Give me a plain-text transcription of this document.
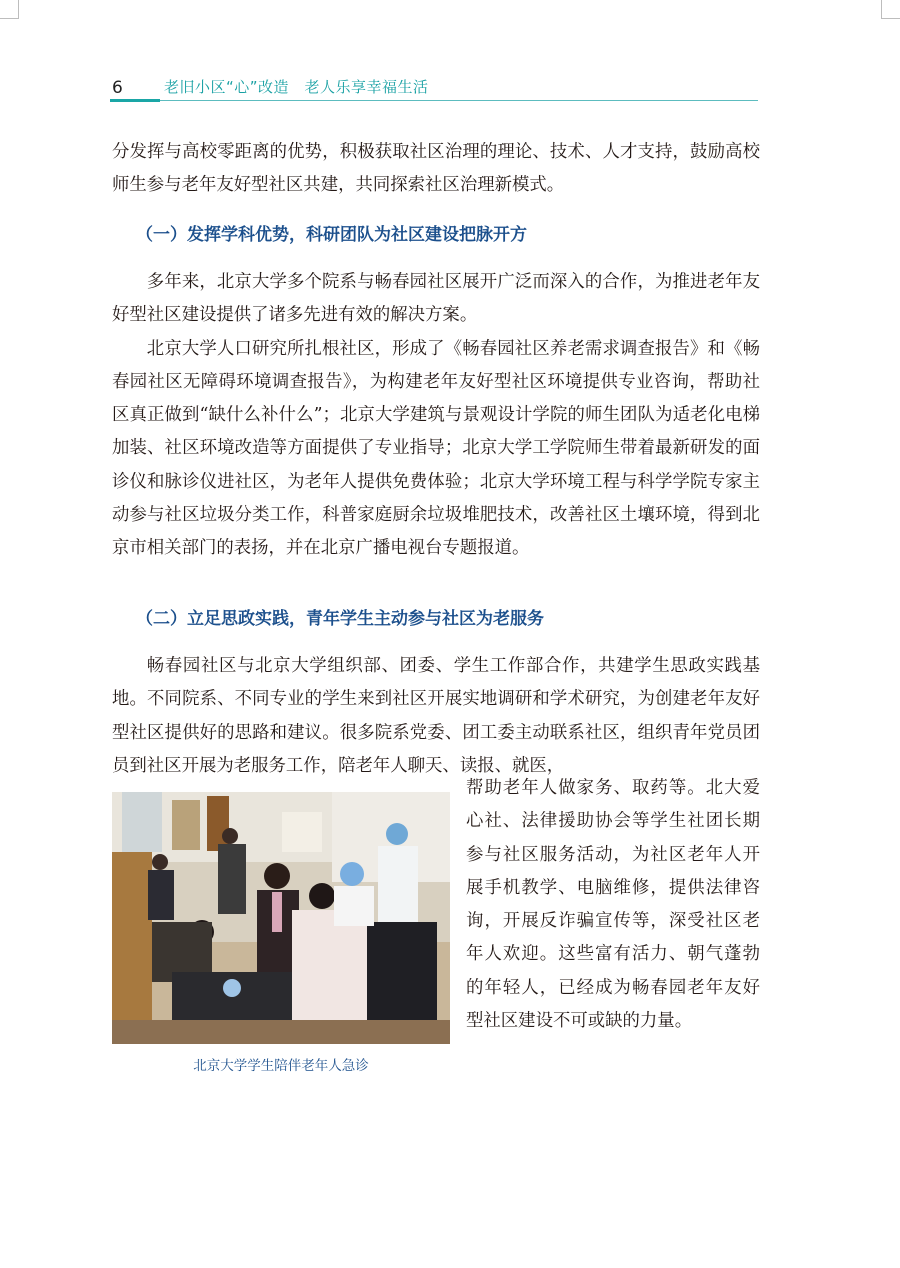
6	老旧小区“心”改造　老人乐享幸福生活

分发挥与高校零距离的优势，积极获取社区治理的理论、技术、人才支持，鼓励高校师生参与老年友好型社区共建，共同探索社区治理新模式。

（一）发挥学科优势，科研团队为社区建设把脉开方

多年来，北京大学多个院系与畅春园社区展开广泛而深入的合作，为推进老年友好型社区建设提供了诸多先进有效的解决方案。

北京大学人口研究所扎根社区，形成了《畅春园社区养老需求调查报告》和《畅春园社区无障碍环境调查报告》，为构建老年友好型社区环境提供专业咨询，帮助社区真正做到“缺什么补什么”；北京大学建筑与景观设计学院的师生团队为适老化电梯加装、社区环境改造等方面提供了专业指导；北京大学工学院师生带着最新研发的面诊仪和脉诊仪进社区，为老年人提供免费体验；北京大学环境工程与科学学院专家主动参与社区垃圾分类工作，科普家庭厨余垃圾堆肥技术，改善社区土壤环境，得到北京市相关部门的表扬，并在北京广播电视台专题报道。

（二）立足思政实践，青年学生主动参与社区为老服务

畅春园社区与北京大学组织部、团委、学生工作部合作，共建学生思政实践基地。不同院系、不同专业的学生来到社区开展实地调研和学术研究，为创建老年友好型社区提供好的思路和建议。很多院系党委、团工委主动联系社区，组织青年党员团员到社区开展为老服务工作，陪老年人聊天、读报、就医，

北京大学学生陪伴老年人急诊

帮助老年人做家务、取药等。北大爱心社、法律援助协会等学生社团长期参与社区服务活动，为社区老年人开展手机教学、电脑维修，提供法律咨询，开展反诈骗宣传等，深受社区老年人欢迎。这些富有活力、朝气蓬勃的年轻人，已经成为畅春园老年友好型社区建设不可或缺的力量。
